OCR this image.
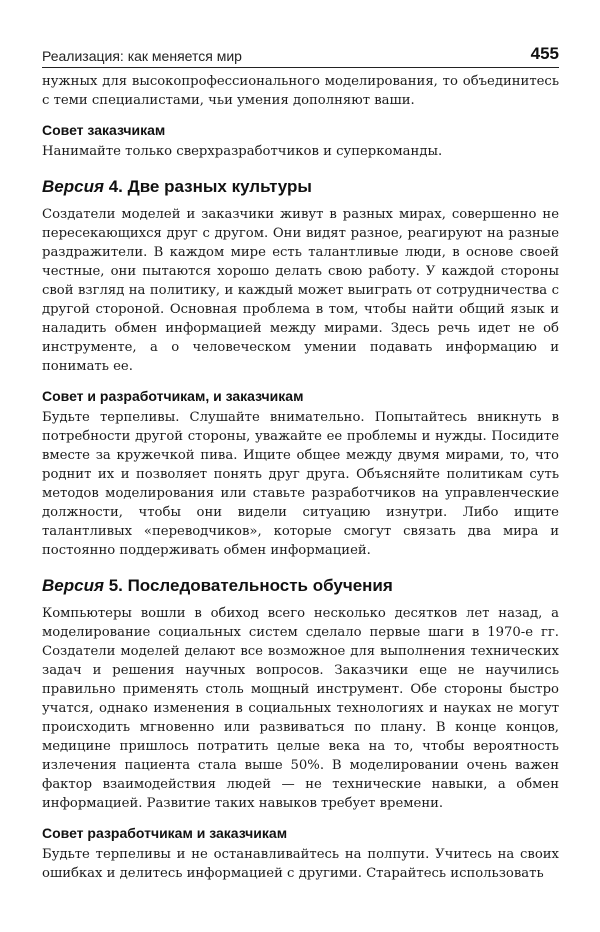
Реализация: как меняется мир	455

нужных для высокопрофессионального моделирования, то объединитесь с теми специалистами, чьи умения дополняют ваши.

Совет заказчикам

Нанимайте только сверхразработчиков и суперкоманды.

Версия 4. Две разных культуры

Создатели моделей и заказчики живут в разных мирах, совершенно не пересекающихся друг с другом. Они видят разное, реагируют на разные раздражители. В каждом мире есть талантливые люди, в основе своей честные, они пытаются хорошо делать свою работу. У каждой стороны свой взгляд на политику, и каждый может выиграть от сотрудничества с другой стороной. Основная проблема в том, чтобы найти общий язык и наладить обмен информацией между мирами. Здесь речь идет не об инструменте, а о человеческом умении подавать информацию и понимать ее.

Совет и разработчикам, и заказчикам

Будьте терпеливы. Слушайте внимательно. Попытайтесь вникнуть в потребности другой стороны, уважайте ее проблемы и нужды. Посидите вместе за кружечкой пива. Ищите общее между двумя мирами, то, что роднит их и позволяет понять друг друга. Объясняйте политикам суть методов моделирования или ставьте разработчиков на управленческие должности, чтобы они видели ситуацию изнутри. Либо ищите талантливых «переводчиков», которые смогут связать два мира и постоянно поддерживать обмен информацией.

Версия 5. Последовательность обучения

Компьютеры вошли в обиход всего несколько десятков лет назад, а моделирование социальных систем сделало первые шаги в 1970-е гг. Создатели моделей делают все возможное для выполнения технических задач и решения научных вопросов. Заказчики еще не научились правильно применять столь мощный инструмент. Обе стороны быстро учатся, однако изменения в социальных технологиях и науках не могут происходить мгновенно или развиваться по плану. В конце концов, медицине пришлось потратить целые века на то, чтобы вероятность излечения пациента стала выше 50%. В моделировании очень важен фактор взаимодействия людей — не технические навыки, а обмен информацией. Развитие таких навыков требует времени.

Совет разработчикам и заказчикам

Будьте терпеливы и не останавливайтесь на полпути. Учитесь на своих ошибках и делитесь информацией с другими. Старайтесь использовать
